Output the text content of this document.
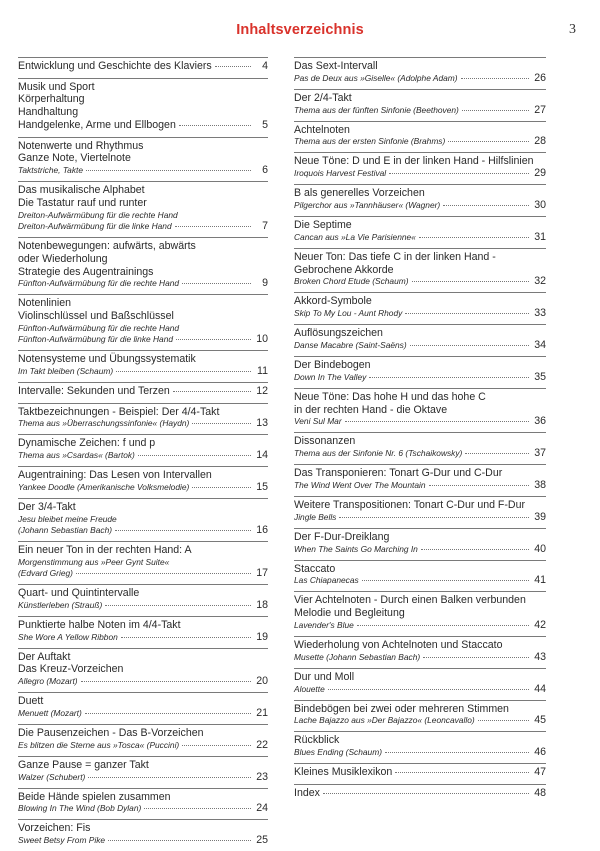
Inhaltsverzeichnis	3
Entwicklung und Geschichte des Klaviers	4
Musik und Sport
Körperhaltung
Handhaltung
Handgelenke, Arme und Ellbogen	5
Notenwerte und Rhythmus
Ganze Note, Viertelnote
Taktstriche, Takte	6
Das musikalische Alphabet
Die Tastatur rauf und runter
Dreiton-Aufwärmübung für die rechte Hand
Dreiton-Aufwärmübung für die linke Hand	7
Notenbewegungen: aufwärts, abwärts
oder Wiederholung
Strategie des Augentrainings
Fünfton-Aufwärmübung für die rechte Hand	9
Notenlinien
Violinschlüssel und Baßschlüssel
Fünfton-Aufwärmübung für die rechte Hand
Fünfton-Aufwärmübung für die linke Hand	10
Notensysteme und Übungssystematik
Im Takt bleiben (Schaum)	11
Intervalle: Sekunden und Terzen	12
Taktbezeichnungen - Beispiel: Der 4/4-Takt
Thema aus »Überraschungssinfonie« (Haydn)	13
Dynamische Zeichen: f und p
Thema aus »Csardas« (Bartok)	14
Augentraining: Das Lesen von Intervallen
Yankee Doodle (Amerikanische Volksmelodie)	15
Der 3/4-Takt
Jesu bleibet meine Freude
(Johann Sebastian Bach)	16
Ein neuer Ton in der rechten Hand: A
Morgenstimmung aus »Peer Gynt Suite«
(Edvard Grieg)	17
Quart- und Quintintervalle
Künstlerleben (Strauß)	18
Punktierte halbe Noten im 4/4-Takt
She Wore A Yellow Ribbon	19
Der Auftakt
Das Kreuz-Vorzeichen
Allegro (Mozart)	20
Duett
Menuett (Mozart)	21
Die Pausenzeichen - Das B-Vorzeichen
Es blitzen die Sterne aus »Tosca« (Puccini)	22
Ganze Pause = ganzer Takt
Walzer (Schubert)	23
Beide Hände spielen zusammen
Blowing In The Wind (Bob Dylan)	24
Vorzeichen: Fis
Sweet Betsy From Pike	25
Das Sext-Intervall
Pas de Deux aus »Giselle« (Adolphe Adam)	26
Der 2/4-Takt
Thema aus der fünften Sinfonie (Beethoven)	27
Achtelnoten
Thema aus der ersten Sinfonie (Brahms)	28
Neue Töne: D und E in der linken Hand - Hilfslinien
Iroquois Harvest Festival	29
B als generelles Vorzeichen
Pilgerchor aus »Tannhäuser« (Wagner)	30
Die Septime
Cancan aus »La Vie Parisienne«	31
Neuer Ton: Das tiefe C in der linken Hand -
Gebrochene Akkorde
Broken Chord Etude (Schaum)	32
Akkord-Symbole
Skip To My Lou - Aunt Rhody	33
Auflösungszeichen
Danse Macabre (Saint-Saëns)	34
Der Bindebogen
Down In The Valley	35
Neue Töne: Das hohe H und das hohe C
in der rechten Hand - die Oktave
Veni Sul Mar	36
Dissonanzen
Thema aus der Sinfonie Nr. 6 (Tschaikowsky)	37
Das Transponieren: Tonart G-Dur und C-Dur
The Wind Went Over The Mountain	38
Weitere Transpositionen: Tonart C-Dur und F-Dur
Jingle Bells	39
Der F-Dur-Dreiklang
When The Saints Go Marching In	40
Staccato
Las Chiapanecas	41
Vier Achtelnoten - Durch einen Balken verbunden
Melodie und Begleitung
Lavender's Blue	42
Wiederholung von Achtelnoten und Staccato
Musette (Johann Sebastian Bach)	43
Dur und Moll
Alouette	44
Bindebögen bei zwei oder mehreren Stimmen
Lache Bajazzo aus »Der Bajazzo« (Leoncavallo)	45
Rückblick
Blues Ending (Schaum)	46
Kleines Musiklexikon	47
Index	48
